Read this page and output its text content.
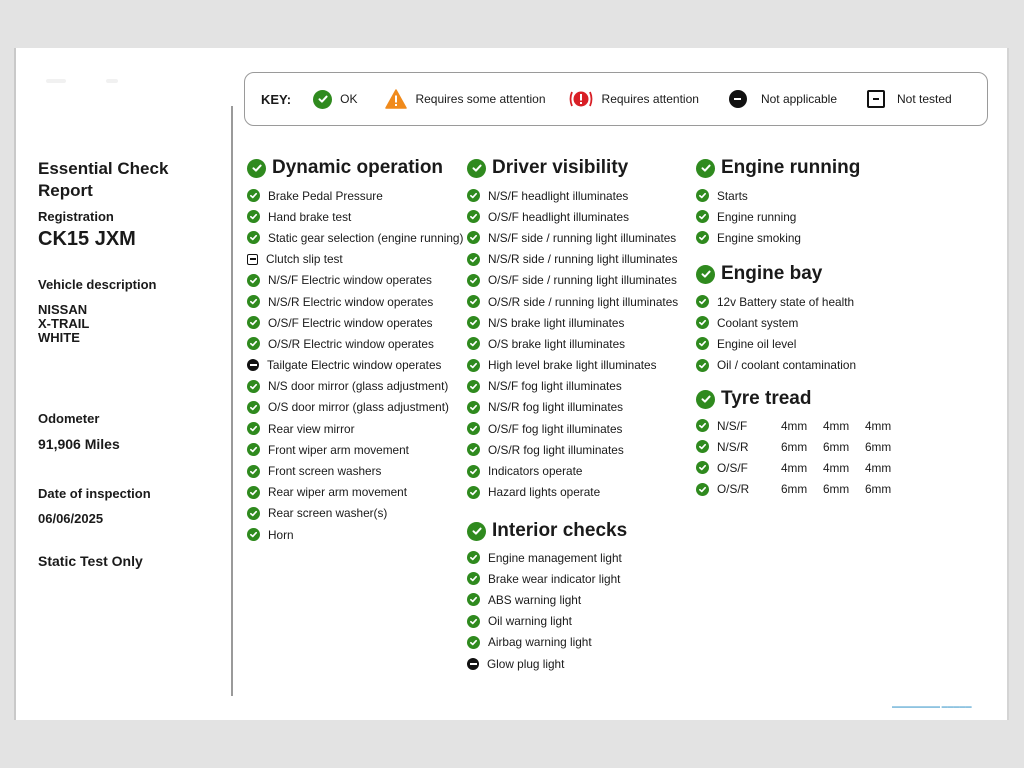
KEY:	OK	Requires some attention	Requires attention	Not applicable	Not tested
Essential Check Report
Registration
CK15 JXM
Vehicle description
NISSAN
X-TRAIL
WHITE
Odometer
91,906 Miles
Date of inspection
06/06/2025
Static Test Only
Dynamic operation
Brake Pedal Pressure
Hand brake test
Static gear selection (engine running)
Clutch slip test
N/S/F Electric window operates
N/S/R Electric window operates
O/S/F Electric window operates
O/S/R Electric window operates
Tailgate Electric window operates
N/S door mirror (glass adjustment)
O/S door mirror (glass adjustment)
Rear view mirror
Front wiper arm movement
Front screen washers
Rear wiper arm movement
Rear screen washer(s)
Horn
Driver visibility
N/S/F headlight illuminates
O/S/F headlight illuminates
N/S/F side / running light illuminates
N/S/R side / running light illuminates
O/S/F side / running light illuminates
O/S/R side / running light illuminates
N/S brake light illuminates
O/S brake light illuminates
High level brake light illuminates
N/S/F fog light illuminates
N/S/R fog light illuminates
O/S/F fog light illuminates
O/S/R fog light illuminates
Indicators operate
Hazard lights operate
Interior checks
Engine management light
Brake wear indicator light
ABS warning light
Oil warning light
Airbag warning light
Glow plug light
Engine running
Starts
Engine running
Engine smoking
Engine bay
12v Battery state of health
Coolant system
Engine oil level
Oil / coolant contamination
Tyre tread
N/S/F	4mm	4mm	4mm
N/S/R	6mm	6mm	6mm
O/S/F	4mm	4mm	4mm
O/S/R	6mm	6mm	6mm
▬▬▬▬▬▬▬▬ ▬▬▬▬▬
